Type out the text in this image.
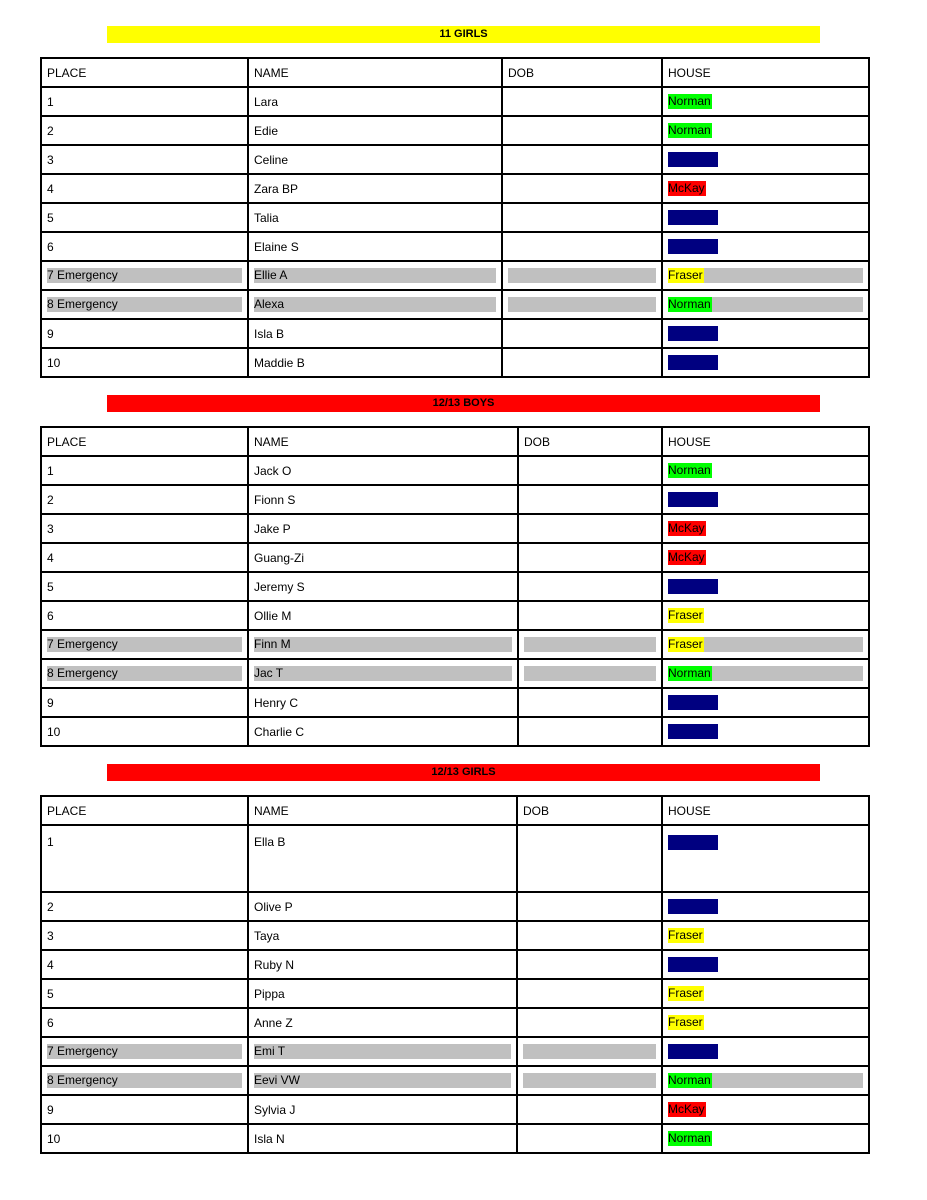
11 GIRLS
PLACE	NAME	DOB	HOUSE
1	Lara		Norman

2	Edie		Norman

3	Celine		Bradman

4	Zara BP		McKay

5	Talia		Bradman

6	Elaine S		Bradman

7 Emergency	Ellie A		Fraser

8 Emergency	Alexa		Norman

9	Isla B		Bradman

10	Maddie B		Bradman
12/13 BOYS
PLACE	NAME	DOB	HOUSE
1	Jack O		Norman

2	Fionn S		Bradman

3	Jake P		McKay

4	Guang-Zi		McKay

5	Jeremy S		Bradman

6	Ollie M		Fraser

7 Emergency	Finn M		Fraser

8 Emergency	Jac T		Norman

9	Henry C		Bradman

10	Charlie C		Bradman
12/13 GIRLS
PLACE	NAME	DOB	HOUSE
1	Ella B		Bradman

2	Olive P		Bradman

3	Taya		Fraser

4	Ruby N		Bradman

5	Pippa		Fraser

6	Anne Z		Fraser

7 Emergency	Emi T		Bradman

8 Emergency	Eevi VW		Norman

9	Sylvia J		McKay

10	Isla N		Norman
